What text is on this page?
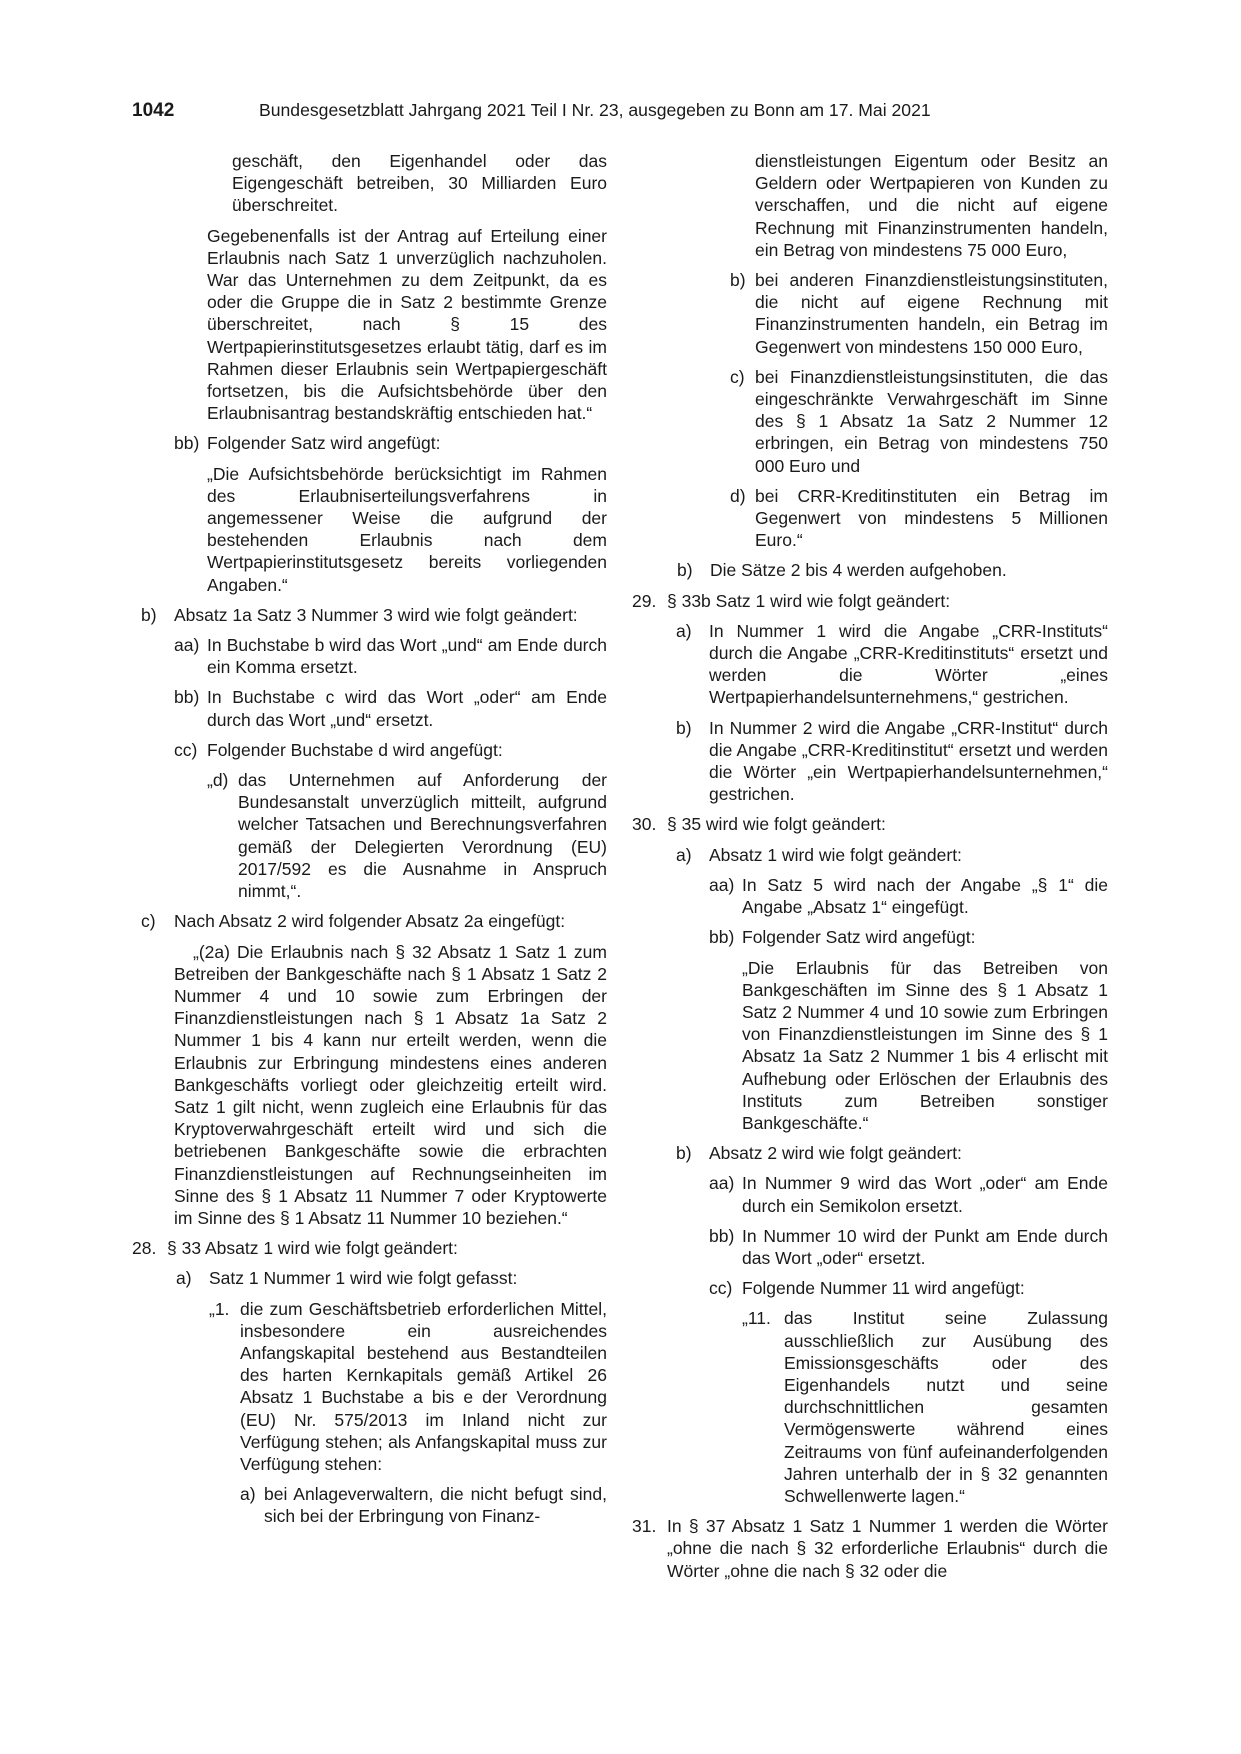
1042	Bundesgesetzblatt Jahrgang 2021 Teil I Nr. 23, ausgegeben zu Bonn am 17. Mai 2021
geschäft, den Eigenhandel oder das Eigengeschäft betreiben, 30 Milliarden Euro überschreitet.
Gegebenenfalls ist der Antrag auf Erteilung einer Erlaubnis nach Satz 1 unverzüglich nachzuholen. War das Unternehmen zu dem Zeitpunkt, da es oder die Gruppe die in Satz 2 bestimmte Grenze überschreitet, nach § 15 des Wertpapierinstitutsgesetzes erlaubt tätig, darf es im Rahmen dieser Erlaubnis sein Wertpapiergeschäft fortsetzen, bis die Aufsichtsbehörde über den Erlaubnisantrag bestandskräftig entschieden hat.“
bb) Folgender Satz wird angefügt:
„Die Aufsichtsbehörde berücksichtigt im Rahmen des Erlaubniserteilungsverfahrens in angemessener Weise die aufgrund der bestehenden Erlaubnis nach dem Wertpapierinstitutsgesetz bereits vorliegenden Angaben.“
b) Absatz 1a Satz 3 Nummer 3 wird wie folgt geändert:
aa) In Buchstabe b wird das Wort „und“ am Ende durch ein Komma ersetzt.
bb) In Buchstabe c wird das Wort „oder“ am Ende durch das Wort „und“ ersetzt.
cc) Folgender Buchstabe d wird angefügt:
„d) das Unternehmen auf Anforderung der Bundesanstalt unverzüglich mitteilt, aufgrund welcher Tatsachen und Berechnungsverfahren gemäß der Delegierten Verordnung (EU) 2017/592 es die Ausnahme in Anspruch nimmt,“.
c)	Nach Absatz 2 wird folgender Absatz 2a eingefügt:
„(2a) Die Erlaubnis nach § 32 Absatz 1 Satz 1 zum Betreiben der Bankgeschäfte nach § 1 Absatz 1 Satz 2 Nummer 4 und 10 sowie zum Erbringen der Finanzdienstleistungen nach § 1 Absatz 1a Satz 2 Nummer 1 bis 4 kann nur erteilt werden, wenn die Erlaubnis zur Erbringung mindestens eines anderen Bankgeschäfts vorliegt oder gleichzeitig erteilt wird. Satz 1 gilt nicht, wenn zugleich eine Erlaubnis für das Kryptoverwahrgeschäft erteilt wird und sich die betriebenen Bankgeschäfte sowie die erbrachten Finanzdienstleistungen auf Rechnungseinheiten im Sinne des § 1 Absatz 11 Nummer 7 oder Kryptowerte im Sinne des § 1 Absatz 11 Nummer 10 beziehen.“
28. § 33 Absatz 1 wird wie folgt geändert:
a) Satz 1 Nummer 1 wird wie folgt gefasst:
„1. die zum Geschäftsbetrieb erforderlichen Mittel, insbesondere ein ausreichendes Anfangskapital bestehend aus Bestandteilen des harten Kernkapitals gemäß Artikel 26 Absatz 1 Buchstabe a bis e der Verordnung (EU) Nr. 575/2013 im Inland nicht zur Verfügung stehen; als Anfangskapital muss zur Verfügung stehen:
a) bei Anlageverwaltern, die nicht befugt sind, sich bei der Erbringung von Finanz-
dienstleistungen Eigentum oder Besitz an Geldern oder Wertpapieren von Kunden zu verschaffen, und die nicht auf eigene Rechnung mit Finanzinstrumenten handeln, ein Betrag von mindestens 75 000 Euro,
b) bei anderen Finanzdienstleistungsinstituten, die nicht auf eigene Rechnung mit Finanzinstrumenten handeln, ein Betrag im Gegenwert von mindestens 150 000 Euro,
c) bei Finanzdienstleistungsinstituten, die das eingeschränkte Verwahrgeschäft im Sinne des § 1 Absatz 1a Satz 2 Nummer 12 erbringen, ein Betrag von mindestens 750 000 Euro und
d) bei CRR-Kreditinstituten ein Betrag im Gegenwert von mindestens 5 Millionen Euro.“
b) Die Sätze 2 bis 4 werden aufgehoben.
29. § 33b Satz 1 wird wie folgt geändert:
a) In Nummer 1 wird die Angabe „CRR-Instituts“ durch die Angabe „CRR-Kreditinstituts“ ersetzt und werden die Wörter „eines Wertpapierhandelsunternehmens,“ gestrichen.
b) In Nummer 2 wird die Angabe „CRR-Institut“ durch die Angabe „CRR-Kreditinstitut“ ersetzt und werden die Wörter „ein Wertpapierhandelsunternehmen,“ gestrichen.
30. § 35 wird wie folgt geändert:
a) Absatz 1 wird wie folgt geändert:
aa) In Satz 5 wird nach der Angabe „§ 1“ die Angabe „Absatz 1“ eingefügt.
bb) Folgender Satz wird angefügt:
„Die Erlaubnis für das Betreiben von Bankgeschäften im Sinne des § 1 Absatz 1 Satz 2 Nummer 4 und 10 sowie zum Erbringen von Finanzdienstleistungen im Sinne des § 1 Absatz 1a Satz 2 Nummer 1 bis 4 erlischt mit Aufhebung oder Erlöschen der Erlaubnis des Instituts zum Betreiben sonstiger Bankgeschäfte.“
b) Absatz 2 wird wie folgt geändert:
aa) In Nummer 9 wird das Wort „oder“ am Ende durch ein Semikolon ersetzt.
bb) In Nummer 10 wird der Punkt am Ende durch das Wort „oder“ ersetzt.
cc) Folgende Nummer 11 wird angefügt:
„11. das Institut seine Zulassung ausschließlich zur Ausübung des Emissionsgeschäfts oder des Eigenhandels nutzt und seine durchschnittlichen gesamten Vermögenswerte während eines Zeitraums von fünf aufeinanderfolgenden Jahren unterhalb der in § 32 genannten Schwellenwerte lagen.“
31. In § 37 Absatz 1 Satz 1 Nummer 1 werden die Wörter „ohne die nach § 32 erforderliche Erlaubnis“ durch die Wörter „ohne die nach § 32 oder die
